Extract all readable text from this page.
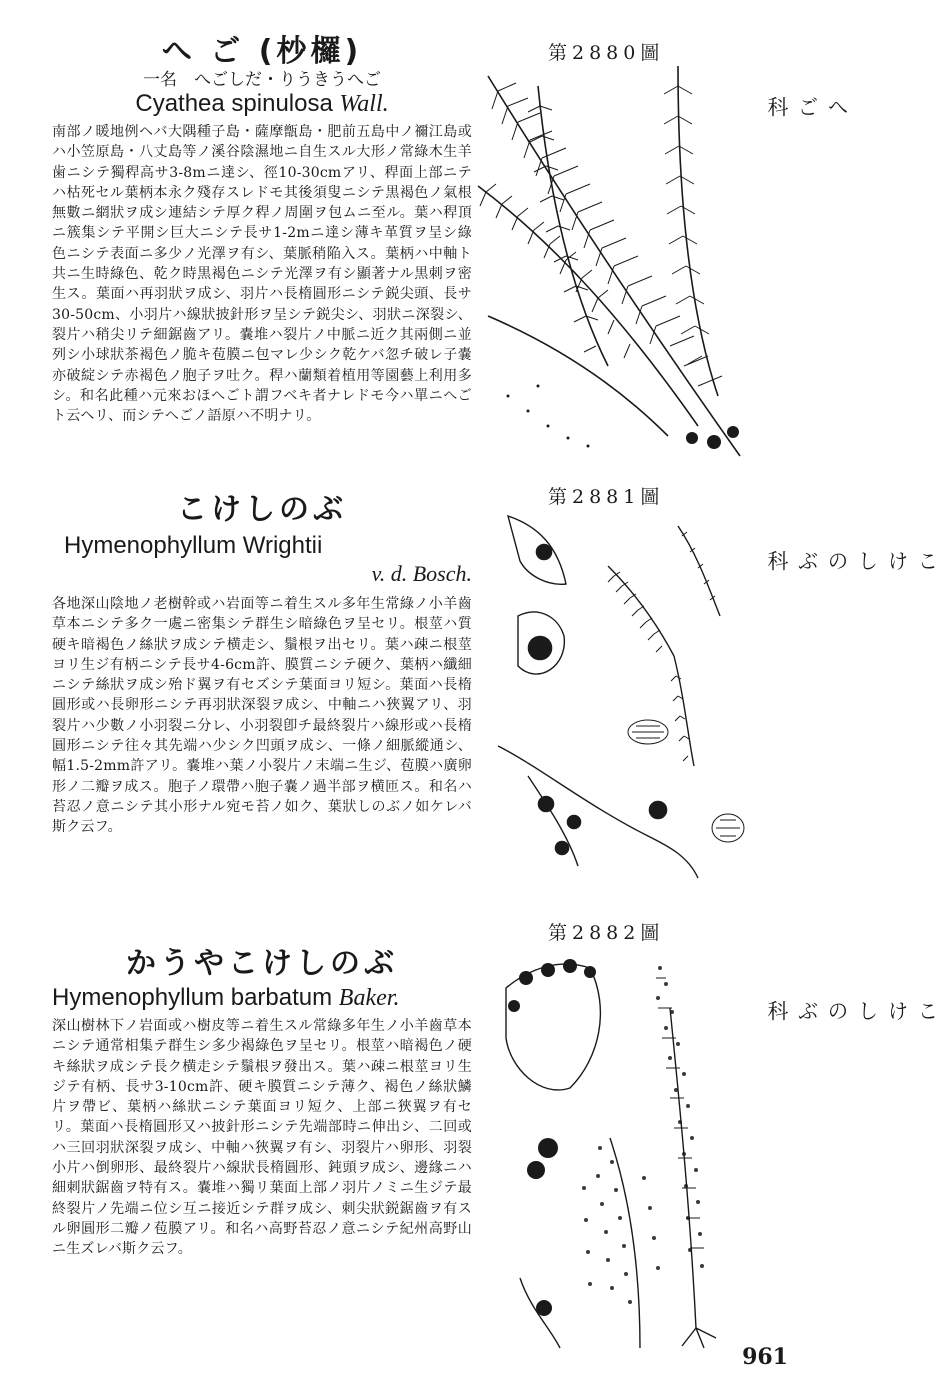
へ ご (杪欏)
一名　へごしだ・りうきうへご
Cyathea spinulosa Wall.
南部ノ暖地例ヘバ大隅種子島・薩摩甑島・肥前五島中ノ禰江島或ハ小笠原島・八丈島等ノ溪谷陰濕地ニ自生スル大形ノ常綠木生羊歯ニシテ獨稈高サ3-8mニ達シ、徑10-30cmアリ、稈面上部ニテハ枯死セル葉柄本永ク殘存スレドモ其後須叟ニシテ黒褐色ノ氣根無數ニ網狀ヲ成シ連結シテ厚ク稈ノ周圍ヲ包ムニ至ル。葉ハ稈頂ニ簇集シテ平開シ巨大ニシテ長サ1-2mニ達シ薄キ革質ヲ呈シ綠色ニシテ表面ニ多少ノ光澤ヲ有シ、葉脈稍陥入ス。葉柄ハ中軸ト共ニ生時綠色、乾ク時黒褐色ニシテ光澤ヲ有シ顯著ナル黒刺ヲ密生ス。葉面ハ再羽狀ヲ成シ、羽片ハ長楕圓形ニシテ鋭尖頭、長サ30-50cm、小羽片ハ線狀披針形ヲ呈シテ鋭尖シ、羽狀ニ深裂シ、裂片ハ稍尖リテ細鋸齒アリ。嚢堆ハ裂片ノ中脈ニ近ク其兩側ニ並列シ小球狀茶褐色ノ脆キ苞膜ニ包マレ少シク乾ケバ忽チ破レ子嚢亦破綻シテ赤褐色ノ胞子ヲ吐ク。稈ハ蘭類着植用等園藝上利用多シ。和名此種ハ元來おほへごト謂フベキ者ナレドモ今ハ單ニへごト云ヘリ、而シテへごノ語原ハ不明ナリ。
第2880圖
へご科
こけしのぶ
Hymenophyllum Wrightii
v. d. Bosch.
各地深山陰地ノ老樹幹或ハ岩面等ニ着生スル多年生常綠ノ小羊齒草本ニシテ多ク一處ニ密集シテ群生シ暗綠色ヲ呈セリ。根莖ハ質硬キ暗褐色ノ絲狀ヲ成シテ横走シ、鬚根ヲ出セリ。葉ハ疎ニ根莖ヨリ生ジ有柄ニシテ長サ4-6cm許、膜質ニシテ硬ク、葉柄ハ纖細ニシテ絲狀ヲ成シ殆ド翼ヲ有セズシテ葉面ヨリ短シ。葉面ハ長楕圓形或ハ長卵形ニシテ再羽狀深裂ヲ成シ、中軸ニハ狹翼アリ、羽裂片ハ少數ノ小羽裂ニ分レ、小羽裂卽チ最終裂片ハ線形或ハ長楕圓形ニシテ往々其先端ハ少シク凹頭ヲ成シ、一條ノ細脈縱通シ、幅1.5-2mm許アリ。嚢堆ハ葉ノ小裂片ノ末端ニ生ジ、苞膜ハ廣卵形ノ二瓣ヲ成ス。胞子ノ環帶ハ胞子嚢ノ過半部ヲ横匝ス。和名ハ苔忍ノ意ニシテ其小形ナル宛モ苔ノ如ク、葉狀しのぶノ如ケレバ斯ク云フ。
第2881圖
こけしのぶ科
かうやこけしのぶ
Hymenophyllum barbatum Baker.
深山樹林下ノ岩面或ハ樹皮等ニ着生スル常綠多年生ノ小羊齒草本ニシテ通常相集テ群生シ多少褐綠色ヲ呈セリ。根莖ハ暗褐色ノ硬キ絲狀ヲ成シテ長ク横走シテ鬚根ヲ發出ス。葉ハ疎ニ根莖ヨリ生ジテ有柄、長サ3-10cm許、硬キ膜質ニシテ薄ク、褐色ノ絲狀鱗片ヲ帶ビ、葉柄ハ絲狀ニシテ葉面ヨリ短ク、上部ニ狹翼ヲ有セリ。葉面ハ長楕圓形又ハ披針形ニシテ先端部時ニ伸出シ、二回或ハ三回羽狀深裂ヲ成シ、中軸ハ狹翼ヲ有シ、羽裂片ハ卵形、羽裂小片ハ倒卵形、最終裂片ハ線狀長楕圓形、鈍頭ヲ成シ、邊緣ニハ細刺狀鋸齒ヲ特有ス。嚢堆ハ獨リ葉面上部ノ羽片ノミニ生ジテ最終裂片ノ先端ニ位シ互ニ接近シテ群ヲ成シ、刺尖狀鋭鋸齒ヲ有スル卵圓形二瓣ノ苞膜アリ。和名ハ高野苔忍ノ意ニシテ紀州高野山ニ生ズレバ斯ク云フ。
第2882圖
こけしのぶ科
961
